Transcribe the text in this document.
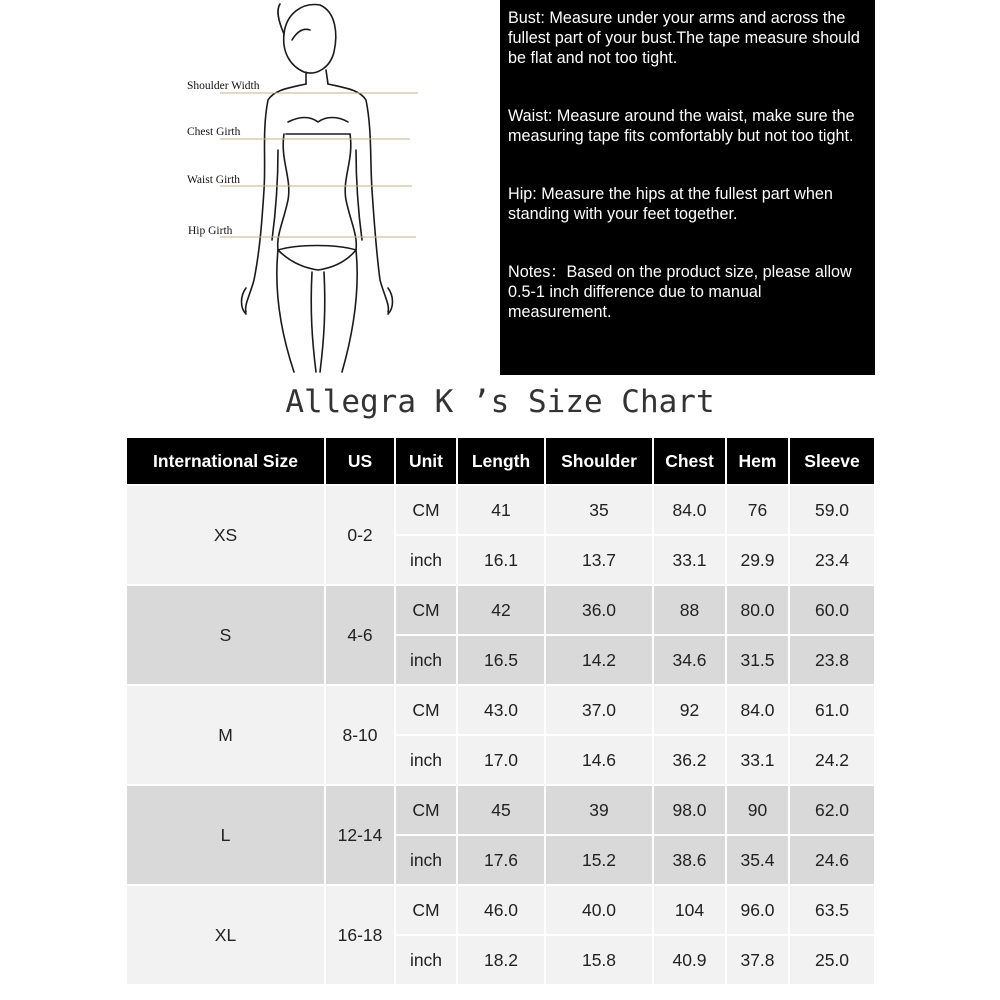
Shoulder Width
Chest Girth
Waist Girth
Hip Girth

Bust: Measure under your arms and across the fullest part of your bust.The tape measure should be flat and not too tight.

Waist: Measure around the waist, make sure the measuring tape fits comfortably but not too tight.

Hip: Measure the hips at the fullest part when standing with your feet together.

Notes：Based on the product size, please allow 0.5-1 inch difference due to manual measurement.

Allegra K ’s Size Chart
International Size	US	Unit	Length	Shoulder	Chest	Hem	Sleeve
XS	0-2	CM	41	35	84.0	76	59.0
		inch	16.1	13.7	33.1	29.9	23.4
S	4-6	CM	42	36.0	88	80.0	60.0
		inch	16.5	14.2	34.6	31.5	23.8
M	8-10	CM	43.0	37.0	92	84.0	61.0
		inch	17.0	14.6	36.2	33.1	24.2
L	12-14	CM	45	39	98.0	90	62.0
		inch	17.6	15.2	38.6	35.4	24.6
XL	16-18	CM	46.0	40.0	104	96.0	63.5
		inch	18.2	15.8	40.9	37.8	25.0
